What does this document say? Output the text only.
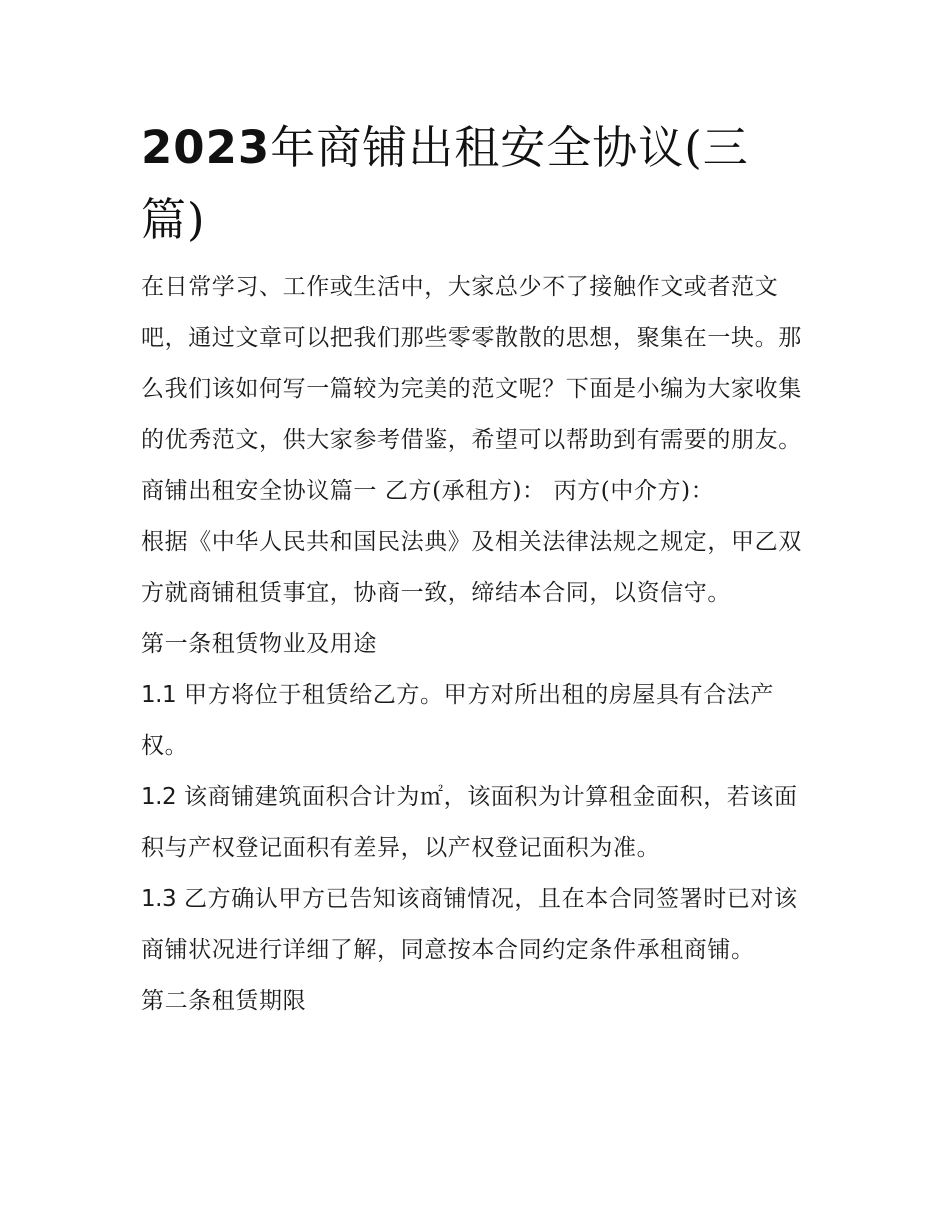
2023年商铺出租安全协议(三篇)

在日常学习、工作或生活中，大家总少不了接触作文或者范文吧，通过文章可以把我们那些零零散散的思想，聚集在一块。那么我们该如何写一篇较为完美的范文呢？下面是小编为大家收集的优秀范文，供大家参考借鉴，希望可以帮助到有需要的朋友。

商铺出租安全协议篇一 乙方(承租方)： 丙方(中介方)：

根据《中华人民共和国民法典》及相关法律法规之规定，甲乙双方就商铺租赁事宜，协商一致，缔结本合同，以资信守。

第一条租赁物业及用途

1.1 甲方将位于租赁给乙方。甲方对所出租的房屋具有合法产权。

1.2 该商铺建筑面积合计为㎡，该面积为计算租金面积，若该面积与产权登记面积有差异，以产权登记面积为准。

1.3 乙方确认甲方已告知该商铺情况，且在本合同签署时已对该商铺状况进行详细了解，同意按本合同约定条件承租商铺。

第二条租赁期限
